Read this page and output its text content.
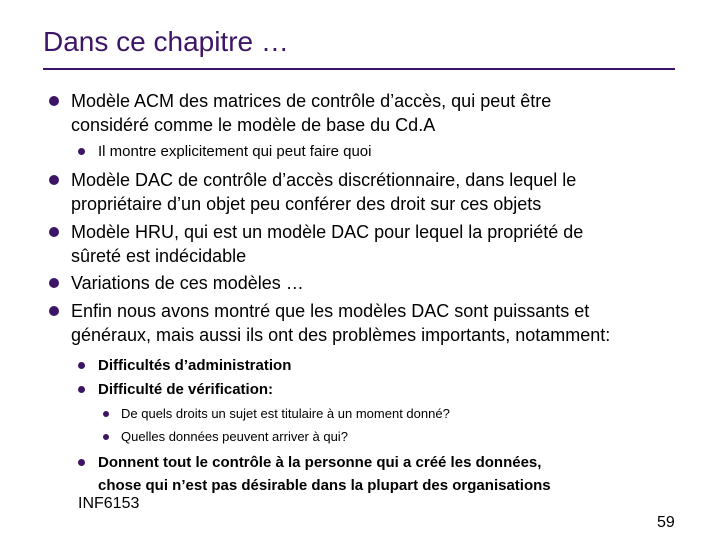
Dans ce chapitre …
Modèle ACM des matrices de contrôle d’accès, qui peut être
considéré comme le modèle de base du Cd.A
Il montre explicitement qui peut faire quoi
Modèle DAC de contrôle d’accès discrétionnaire, dans lequel le
propriétaire d’un objet peu conférer des droit sur ces objets
Modèle HRU, qui est un modèle DAC pour lequel la propriété de
sûreté est indécidable
Variations de ces modèles …
Enfin nous avons montré que les modèles DAC sont puissants et
généraux, mais aussi ils ont des problèmes importants, notamment:
Difficultés d’administration
Difficulté de vérification:
De quels droits un sujet est titulaire à un moment donné?
Quelles données peuvent arriver à qui?
Donnent tout le contrôle à la personne qui a créé les données,
chose qui n’est pas désirable dans la plupart des organisations
INF6153
59
